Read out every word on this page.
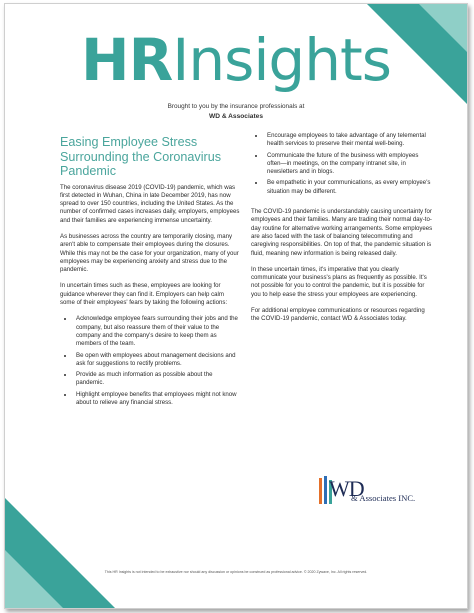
HRInsights
Brought to you by the insurance professionals at
WD & Associates
Easing Employee Stress Surrounding the Coronavirus Pandemic

The coronavirus disease 2019 (COVID-19) pandemic, which was first detected in Wuhan, China in late December 2019, has now spread to over 150 countries, including the United States. As the number of confirmed cases increases daily, employers, employees and their families are experiencing immense uncertainty.

As businesses across the country are temporarily closing, many aren't able to compensate their employees during the closures. While this may not be the case for your organization, many of your employees may be experiencing anxiety and stress due to the pandemic.

In uncertain times such as these, employees are looking for guidance wherever they can find it. Employers can help calm some of their employees' fears by taking the following actions:

• Acknowledge employee fears surrounding their jobs and the company, but also reassure them of their value to the company and the company's desire to keep them as members of the team.
• Be open with employees about management decisions and ask for suggestions to rectify problems.
• Provide as much information as possible about the pandemic.
• Highlight employee benefits that employees might not know about to relieve any financial stress.
• Encourage employees to take advantage of any telemental health services to preserve their mental well-being.
• Communicate the future of the business with employees often—in meetings, on the company intranet site, in newsletters and in blogs.
• Be empathetic in your communications, as every employee's situation may be different.

The COVID-19 pandemic is understandably causing uncertainty for employees and their families. Many are trading their normal day-to-day routine for alternative working arrangements. Some employees are also faced with the task of balancing telecommuting and caregiving responsibilities. On top of that, the pandemic situation is fluid, meaning new information is being released daily.

In these uncertain times, it's imperative that you clearly communicate your business's plans as frequently as possible. It's not possible for you to control the pandemic, but it is possible for you to help ease the stress your employees are experiencing.

For additional employee communications or resources regarding the COVID-19 pandemic, contact WD & Associates today.

WD
& Associates INC.
This HR Insights is not intended to be exhaustive nor should any discussion or opinions be construed as professional advice. © 2020 Zywave, Inc. All rights reserved.
